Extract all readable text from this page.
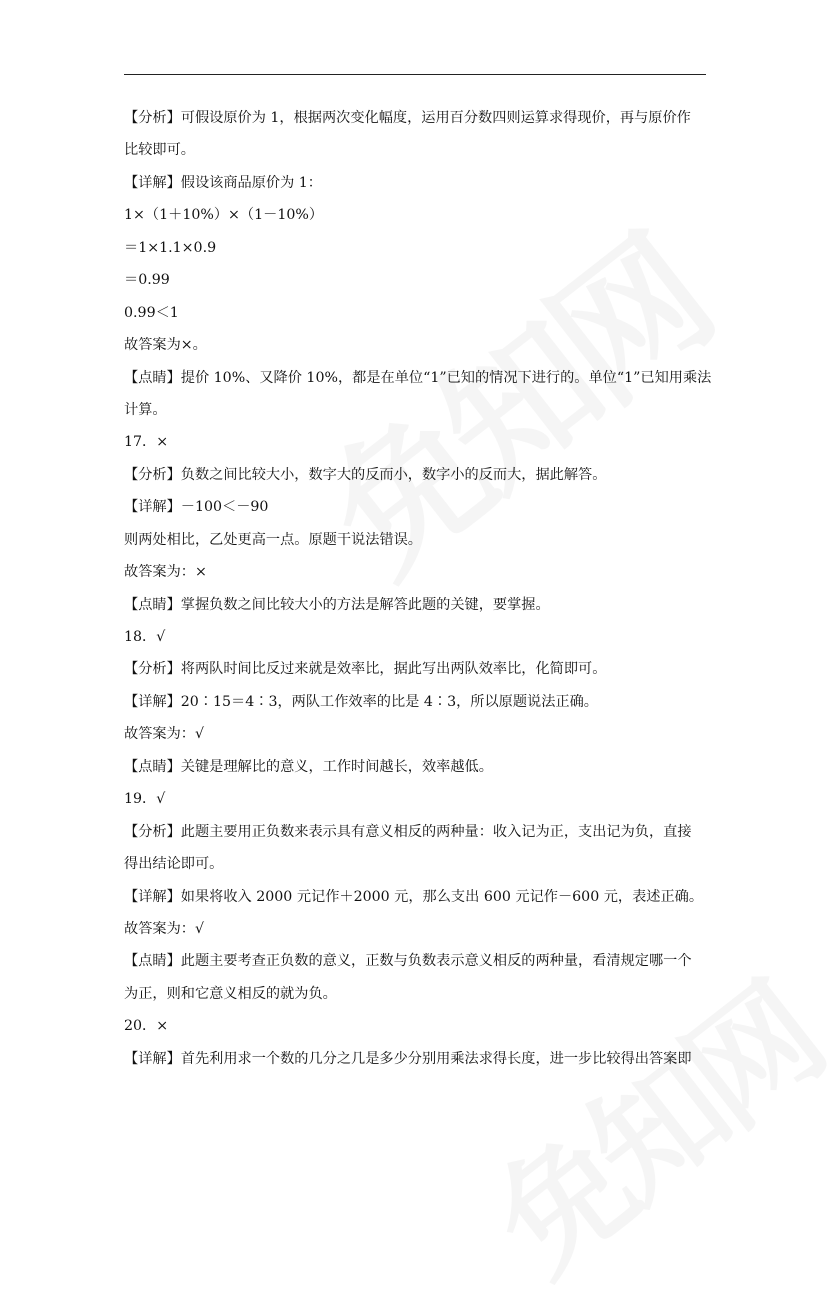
【分析】可假设原价为 1，根据两次变化幅度，运用百分数四则运算求得现价，再与原价作
比较即可。
【详解】假设该商品原价为 1：
1×（1＋10%）×（1－10%）
＝1×1.1×0.9
＝0.99
0.99＜1
故答案为×。
【点睛】提价 10%、又降价 10%，都是在单位“1”已知的情况下进行的。单位“1”已知用乘法
计算。
17．×
【分析】负数之间比较大小，数字大的反而小，数字小的反而大，据此解答。
【详解】－100＜－90
则两处相比，乙处更高一点。原题干说法错误。
故答案为：×
【点睛】掌握负数之间比较大小的方法是解答此题的关键，要掌握。
18．√
【分析】将两队时间比反过来就是效率比，据此写出两队效率比，化简即可。
【详解】20∶15＝4∶3，两队工作效率的比是 4∶3，所以原题说法正确。
故答案为：√
【点睛】关键是理解比的意义，工作时间越长，效率越低。
19．√
【分析】此题主要用正负数来表示具有意义相反的两种量：收入记为正，支出记为负，直接
得出结论即可。
【详解】如果将收入 2000 元记作＋2000 元，那么支出 600 元记作－600 元，表述正确。
故答案为：√
【点睛】此题主要考查正负数的意义，正数与负数表示意义相反的两种量，看清规定哪一个
为正，则和它意义相反的就为负。
20．×
【详解】首先利用求一个数的几分之几是多少分别用乘法求得长度，进一步比较得出答案即
